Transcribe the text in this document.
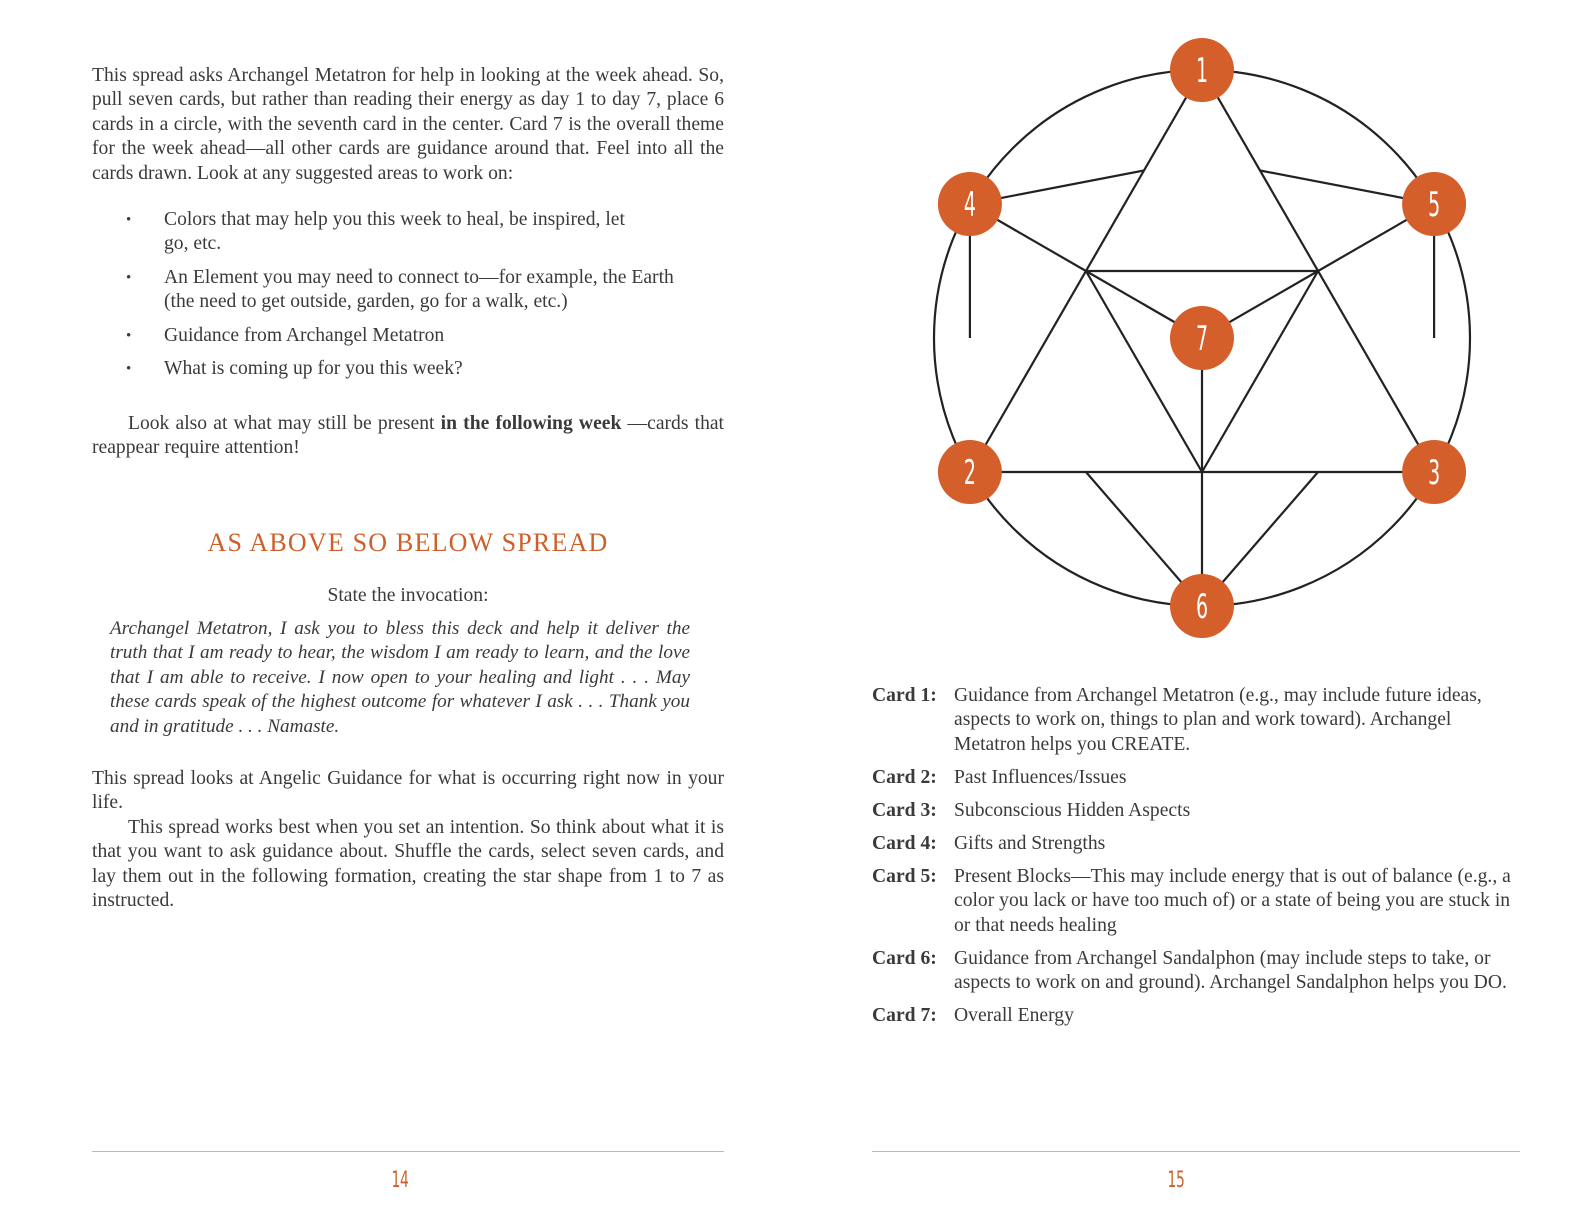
This spread asks Archangel Metatron for help in looking at the week ahead. So, pull seven cards, but rather than reading their energy as day 1 to day 7, place 6 cards in a circle, with the seventh card in the center. Card 7 is the overall theme for the week ahead—all other cards are guidance around that. Feel into all the cards drawn. Look at any suggested areas to work on:

• Colors that may help you this week to heal, be inspired, let go, etc.
• An Element you may need to connect to—for example, the Earth (the need to get outside, garden, go for a walk, etc.)
• Guidance from Archangel Metatron
• What is coming up for you this week?

Look also at what may still be present in the following week —cards that reappear require attention!

AS ABOVE SO BELOW SPREAD

State the invocation:

Archangel Metatron, I ask you to bless this deck and help it deliver the truth that I am ready to hear, the wisdom I am ready to learn, and the love that I am able to receive. I now open to your healing and light . . . May these cards speak of the highest outcome for whatever I ask . . . Thank you and in gratitude . . . Namaste.

This spread looks at Angelic Guidance for what is occurring right now in your life.

This spread works best when you set an intention. So think about what it is that you want to ask guidance about. Shuffle the cards, select seven cards, and lay them out in the following formation, creating the star shape from 1 to 7 as instructed.

14
1
2	3
4	5
6
7
Card 1: Guidance from Archangel Metatron (e.g., may include future ideas, aspects to work on, things to plan and work toward). Archangel Metatron helps you CREATE.
Card 2: Past Influences/Issues
Card 3: Subconscious Hidden Aspects
Card 4: Gifts and Strengths
Card 5: Present Blocks—This may include energy that is out of balance (e.g., a color you lack or have too much of) or a state of being you are stuck in or that needs healing
Card 6: Guidance from Archangel Sandalphon (may include steps to take, or aspects to work on and ground). Archangel Sandalphon helps you DO.
Card 7: Overall Energy
15
